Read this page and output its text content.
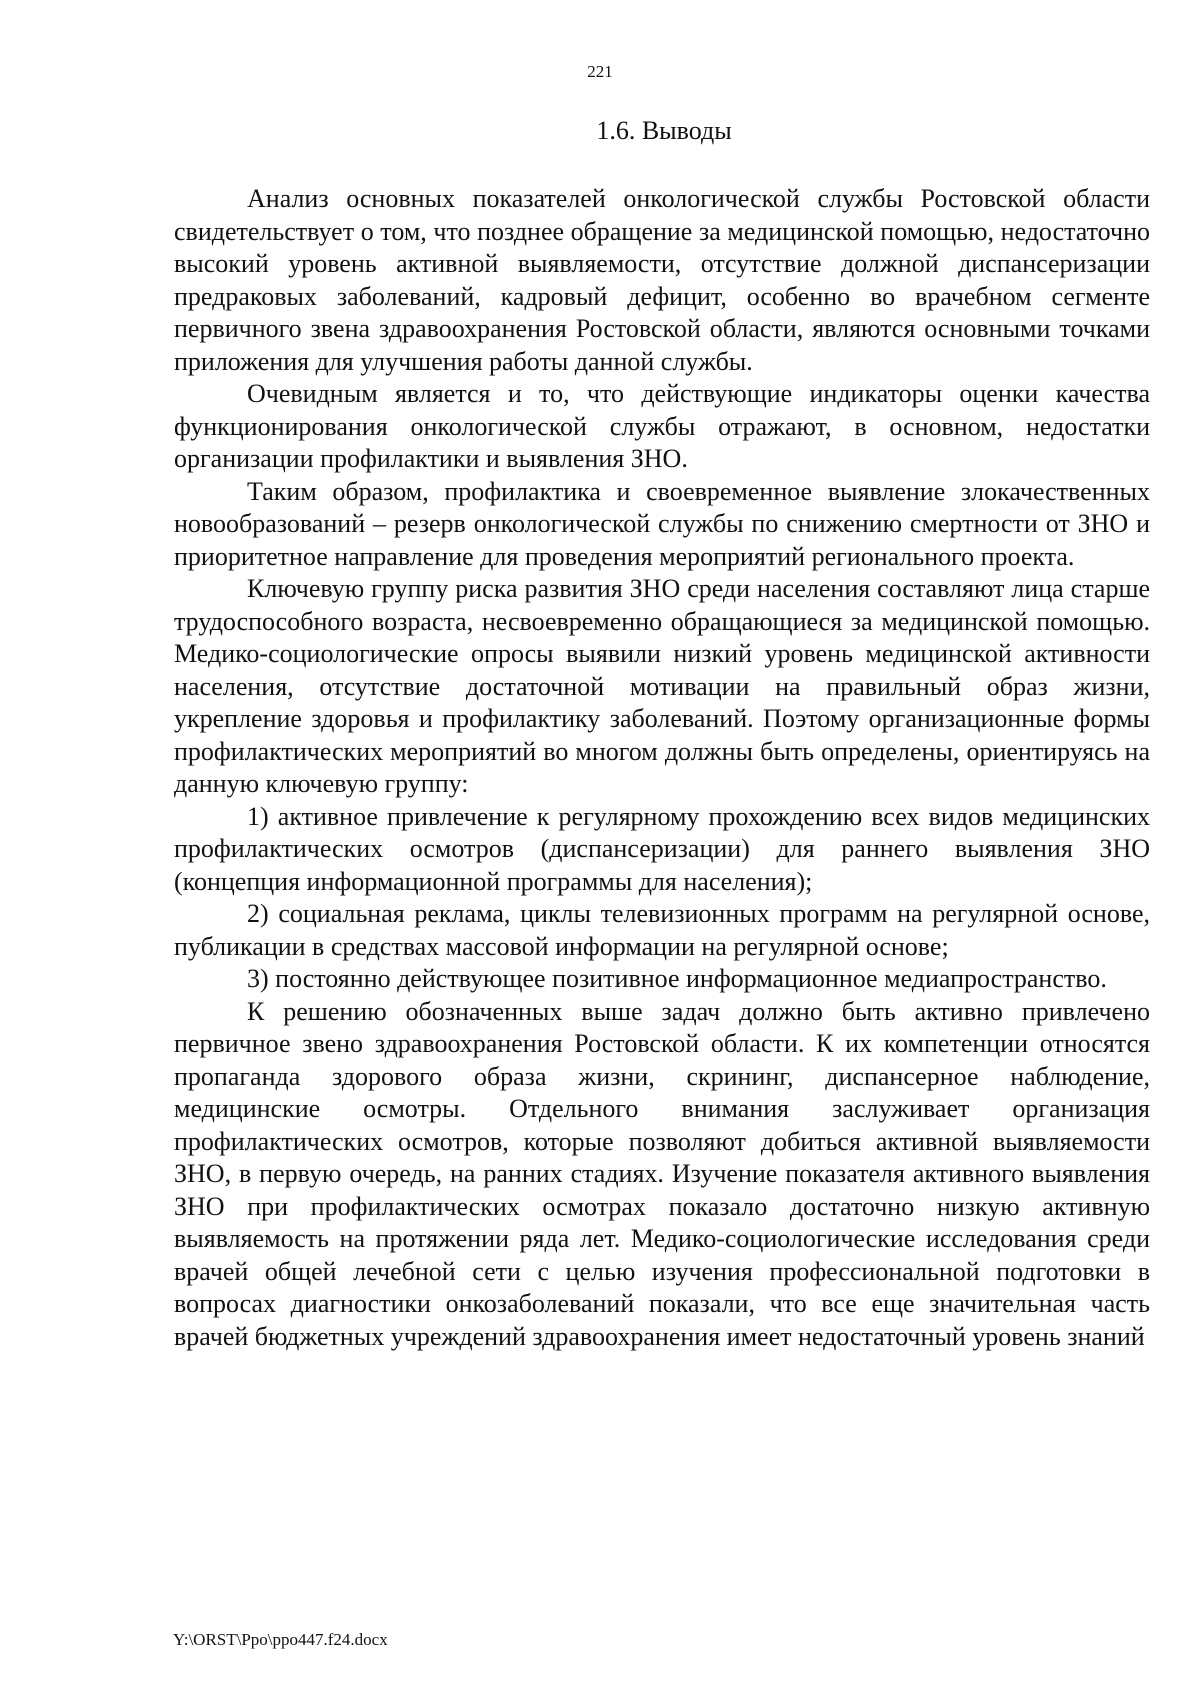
221
1.6. Выводы

Анализ основных показателей онкологической службы Ростовской области свидетельствует о том, что позднее обращение за медицинской помощью, недостаточно высокий уровень активной выявляемости, отсутствие должной диспансеризации предраковых заболеваний, кадровый дефицит, особенно во врачебном сегменте первичного звена здравоохранения Ростовской области, являются основными точками приложения для улучшения работы данной службы.

Очевидным является и то, что действующие индикаторы оценки качества функционирования онкологической службы отражают, в основном, недостатки организации профилактики и выявления ЗНО.

Таким образом, профилактика и своевременное выявление злокачественных новообразований – резерв онкологической службы по снижению смертности от ЗНО и приоритетное направление для проведения мероприятий регионального проекта.

Ключевую группу риска развития ЗНО среди населения составляют лица старше трудоспособного возраста, несвоевременно обращающиеся за медицинской помощью. Медико-социологические опросы выявили низкий уровень медицинской активности населения, отсутствие достаточной мотивации на правильный образ жизни, укрепление здоровья и профилактику заболеваний. Поэтому организационные формы профилактических мероприятий во многом должны быть определены, ориентируясь на данную ключевую группу:

1) активное привлечение к регулярному прохождению всех видов медицинских профилактических осмотров (диспансеризации) для раннего выявления ЗНО (концепция информационной программы для населения);

2) социальная реклама, циклы телевизионных программ на регулярной основе, публикации в средствах массовой информации на регулярной основе;

3) постоянно действующее позитивное информационное медиапространство.

К решению обозначенных выше задач должно быть активно привлечено первичное звено здравоохранения Ростовской области. К их компетенции относятся пропаганда здорового образа жизни, скрининг, диспансерное наблюдение, медицинские осмотры. Отдельного внимания заслуживает организация профилактических осмотров, которые позволяют добиться активной выявляемости ЗНО, в первую очередь, на ранних стадиях. Изучение показателя активного выявления ЗНО при профилактических осмотрах показало достаточно низкую активную выявляемость на протяжении ряда лет. Медико-социологические исследования среди врачей общей лечебной сети с целью изучения профессиональной подготовки в вопросах диагностики онкозаболеваний показали, что все еще значительная часть врачей бюджетных учреждений здравоохранения имеет недостаточный уровень знаний

Y:\ORST\Ppo\ppo447.f24.docx
